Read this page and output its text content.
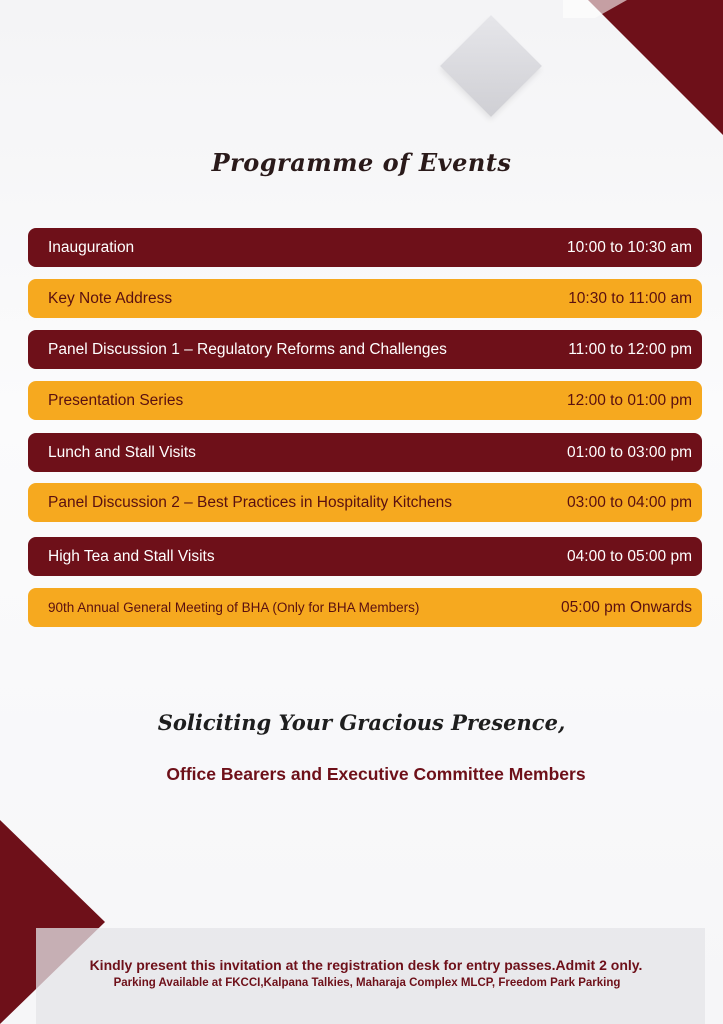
Programme of Events
Inauguration	10:00 to 10:30 am
Key Note Address	10:30 to 11:00 am
Panel Discussion 1 – Regulatory Reforms and Challenges	11:00 to 12:00 pm
Presentation Series	12:00 to 01:00 pm
Lunch and Stall Visits	01:00 to 03:00 pm
Panel Discussion 2 – Best Practices in Hospitality Kitchens	03:00 to 04:00 pm
High Tea and Stall Visits	04:00 to 05:00 pm
90th Annual General Meeting of BHA (Only for BHA Members)	05:00 pm Onwards
Soliciting Your Gracious Presence,
Office Bearers and Executive Committee Members
Kindly present this invitation at the registration desk for entry passes.Admit 2 only.
Parking Available at FKCCI,Kalpana Talkies, Maharaja Complex MLCP, Freedom Park Parking
